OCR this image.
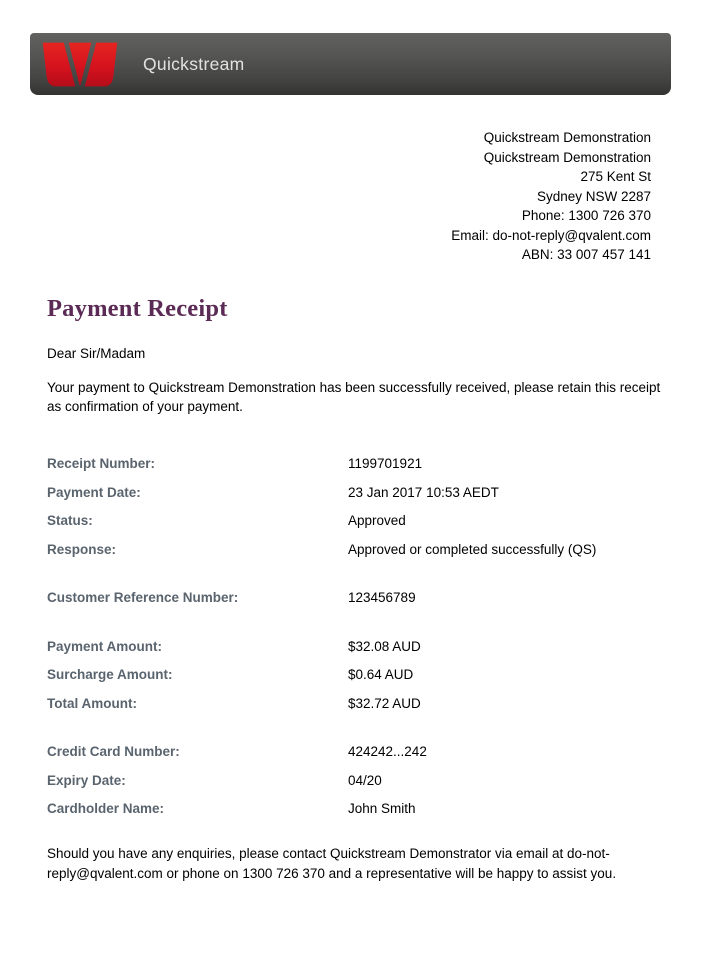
Quickstream
Quickstream Demonstration
Quickstream Demonstration
275 Kent St
Sydney NSW 2287
Phone: 1300 726 370
Email: do-not-reply@qvalent.com
ABN: 33 007 457 141
Payment Receipt
Dear Sir/Madam
Your payment to Quickstream Demonstration has been successfully received, please retain this receipt as confirmation of your payment.
Receipt Number:	1199701921
Payment Date:	23 Jan 2017 10:53 AEDT
Status:	Approved
Response:	Approved or completed successfully (QS)
Customer Reference Number:	123456789
Payment Amount:	$32.08 AUD
Surcharge Amount:	$0.64 AUD
Total Amount:	$32.72 AUD
Credit Card Number:	424242...242
Expiry Date:	04/20
Cardholder Name:	John Smith
Should you have any enquiries, please contact Quickstream Demonstrator via email at do-not-reply@qvalent.com or phone on 1300 726 370 and a representative will be happy to assist you.
